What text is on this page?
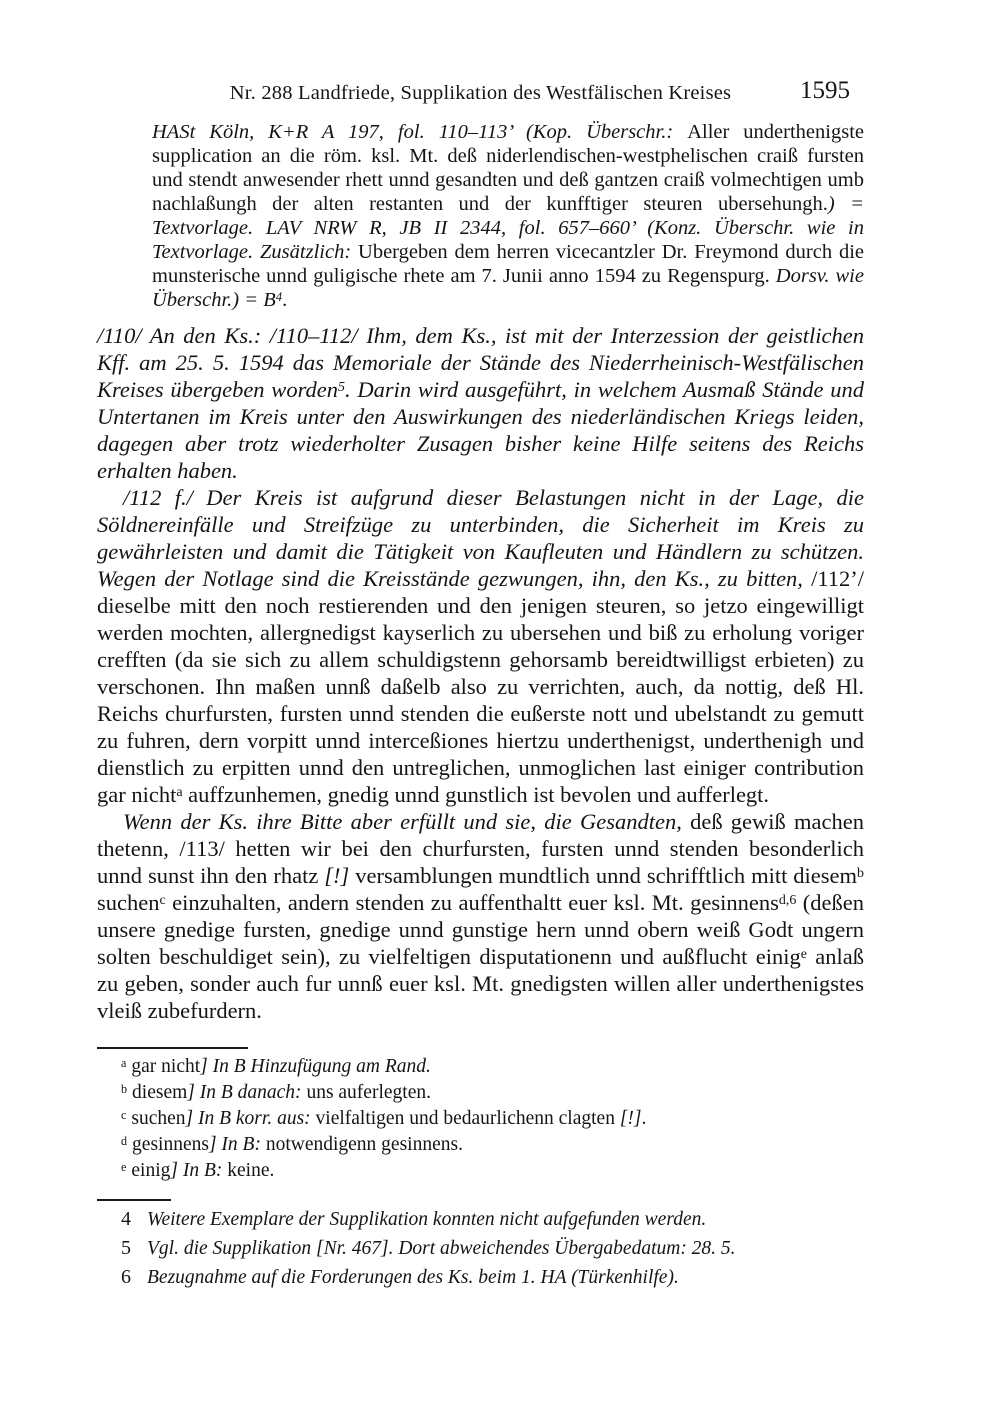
Nr. 288 Landfriede, Supplikation des Westfälischen Kreises	1595
HASt Köln, K+R A 197, fol. 110–113’ (Kop. Überschr.: Aller underthenigste supplication an die röm. ksl. Mt. deß niderlendischen-westphelischen craiß fursten und stendt anwesender rhett unnd gesandten und deß gantzen craiß volmechtigen umb nachlaßungh der alten restanten und der kunfftiger steuren ubersehungh.) = Textvorlage. LAV NRW R, JB II 2344, fol. 657–660’ (Konz. Überschr. wie in Textvorlage. Zusätzlich: Ubergeben dem herren vicecantzler Dr. Freymond durch die munsterische unnd guligische rhete am 7. Junii anno 1594 zu Regenspurg. Dorsv. wie Überschr.) = $B^4$.

/110/ An den Ks.: /110–112/ Ihm, dem Ks., ist mit der Interzession der geistlichen Kff. am 25. 5. 1594 das Memoriale der Stände des Niederrheinisch-Westfälischen Kreises übergeben worden$^5$. Darin wird ausgeführt, in welchem Ausmaß Stände und Untertanen im Kreis unter den Auswirkungen des niederländischen Kriegs leiden, dagegen aber trotz wiederholter Zusagen bisher keine Hilfe seitens des Reichs erhalten haben.

/112 f./ Der Kreis ist aufgrund dieser Belastungen nicht in der Lage, die Söldnereinfälle und Streifzüge zu unterbinden, die Sicherheit im Kreis zu gewährleisten und damit die Tätigkeit von Kaufleuten und Händlern zu schützen. Wegen der Notlage sind die Kreisstände gezwungen, ihn, den Ks., zu bitten, /112’/ dieselbe mitt den noch restierenden und den jenigen steuren, so jetzo eingewilligt werden mochten, allergnedigst kayserlich zu ubersehen und biß zu erholung voriger crefften (da sie sich zu allem schuldigstenn gehorsamb bereidtwilligst erbieten) zu verschonen. Ihn maßen unnß daßelb also zu verrichten, auch, da nottig, deß Hl. Reichs churfursten, fursten unnd stenden die eußerste nott und ubelstandt zu gemutt zu fuhren, dern vorpitt unnd interceßiones hiertzu underthenigst, underthenigh und dienstlich zu erpitten unnd den untreglichen, unmoglichen last einiger contribution gar nicht$^a$ auffzunhemen, gnedig unnd gunstlich ist bevolen und aufferlegt.

Wenn der Ks. ihre Bitte aber erfüllt und sie, die Gesandten, deß gewiß machen thetenn, /113/ hetten wir bei den churfursten, fursten unnd stenden besonderlich unnd sunst ihn den rhatz [!] versamblungen mundtlich unnd schrifftlich mitt diesem$^b$ suchen$^c$ einzuhalten, andern stenden zu auffenthaltt euer ksl. Mt. gesinnens$^{d,6}$ (deßen unsere gnedige fursten, gnedige unnd gunstige hern unnd obern weiß Godt ungern solten beschuldiget sein), zu vielfeltigen disputationenn und außflucht einig$^e$ anlaß zu geben, sonder auch fur unnß euer ksl. Mt. gnedigsten willen aller underthenigstes vleiß zubefurdern.

$^a$ gar nicht] In B Hinzufügung am Rand.

$^b$ diesem] In B danach: uns auferlegten.

$^c$ suchen] In B korr. aus: vielfaltigen und bedaurlichenn clagten [!].

$^d$ gesinnens] In B: notwendigenn gesinnens.

$^e$ einig] In B: keine.

4 Weitere Exemplare der Supplikation konnten nicht aufgefunden werden.

5 Vgl. die Supplikation [Nr. 467]. Dort abweichendes Übergabedatum: 28. 5.

6 Bezugnahme auf die Forderungen des Ks. beim 1. HA (Türkenhilfe).
